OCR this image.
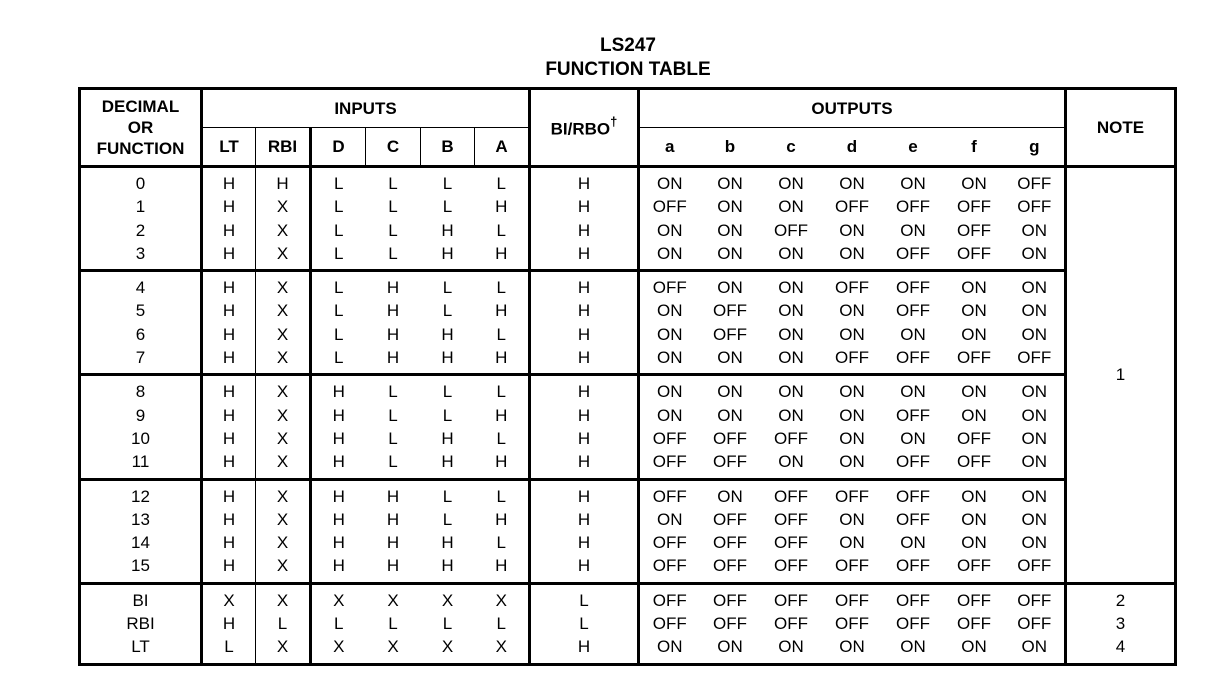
LS247
FUNCTION TABLE
DECIMAL
OR
FUNCTION	INPUTS						BI/RBO†	OUTPUTS							NOTE
	LT	RBI	D	C	B	A		a	b	c	d	e	f	g	
0	H	H	L	L	L	L	H	ON	ON	ON	ON	ON	ON	OFF	1
1	H	X	L	L	L	H	H	OFF	ON	ON	OFF	OFF	OFF	OFF	
2	H	X	L	L	H	L	H	ON	ON	OFF	ON	ON	OFF	ON	
3	H	X	L	L	H	H	H	ON	ON	ON	ON	OFF	OFF	ON	
4	H	X	L	H	L	L	H	OFF	ON	ON	OFF	OFF	ON	ON	
5	H	X	L	H	L	H	H	ON	OFF	ON	ON	OFF	ON	ON	
6	H	X	L	H	H	L	H	ON	OFF	ON	ON	ON	ON	ON	
7	H	X	L	H	H	H	H	ON	ON	ON	OFF	OFF	OFF	OFF	
8	H	X	H	L	L	L	H	ON	ON	ON	ON	ON	ON	ON	
9	H	X	H	L	L	H	H	ON	ON	ON	ON	OFF	ON	ON	
10	H	X	H	L	H	L	H	OFF	OFF	OFF	ON	ON	OFF	ON	
11	H	X	H	L	H	H	H	OFF	OFF	ON	ON	OFF	OFF	ON	
12	H	X	H	H	L	L	H	OFF	ON	OFF	OFF	OFF	ON	ON	
13	H	X	H	H	L	H	H	ON	OFF	OFF	ON	OFF	ON	ON	
14	H	X	H	H	H	L	H	OFF	OFF	OFF	ON	ON	ON	ON	
15	H	X	H	H	H	H	H	OFF	OFF	OFF	OFF	OFF	OFF	OFF	
BI	X	X	X	X	X	X	L	OFF	OFF	OFF	OFF	OFF	OFF	OFF	2
RBI	H	L	L	L	L	L	L	OFF	OFF	OFF	OFF	OFF	OFF	OFF	3
LT	L	X	X	X	X	X	H	ON	ON	ON	ON	ON	ON	ON	4
